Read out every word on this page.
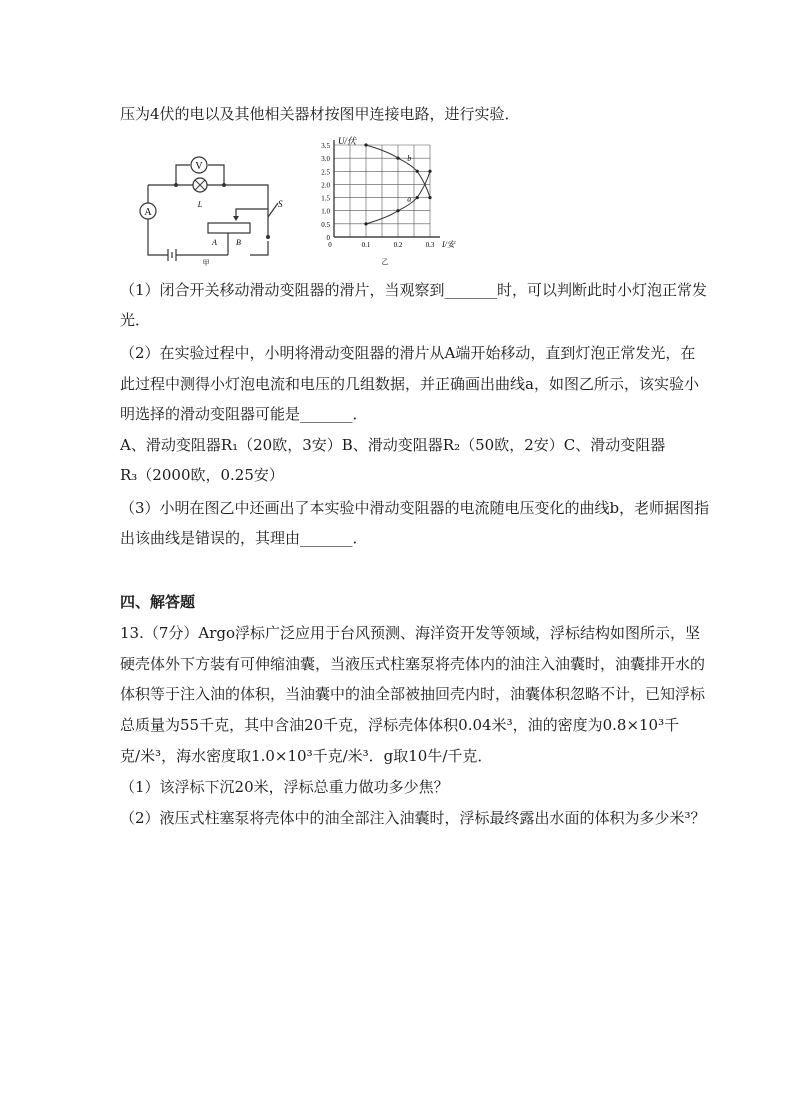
压为4伏的电以及其他相关器材按图甲连接电路，进行实验．
A
V
L	S
A B
甲
0
0.5
1.0
1.5
2.0
2.5
3.0
3.5
0	0.1	0.2	0.3
U/伏
I/安
a
b
乙
（1）闭合开关移动滑动变阻器的滑片，当观察到_______时，可以判断此时小灯泡正常发
光．
（2）在实验过程中，小明将滑动变阻器的滑片从A端开始移动，直到灯泡正常发光，在
此过程中测得小灯泡电流和电压的几组数据，并正确画出曲线a，如图乙所示，该实验小
明选择的滑动变阻器可能是_______．
A、滑动变阻器R₁（20欧，3安）B、滑动变阻器R₂（50欧，2安）C、滑动变阻器
R₃（2000欧，0.25安）
（3）小明在图乙中还画出了本实验中滑动变阻器的电流随电压变化的曲线b，老师据图指
出该曲线是错误的，其理由_______．
四、解答题
13.（7分）Argo浮标广泛应用于台风预测、海洋资开发等领域，浮标结构如图所示，坚
硬壳体外下方装有可伸缩油囊，当液压式柱塞泵将壳体内的油注入油囊时，油囊排开水的
体积等于注入油的体积，当油囊中的油全部被抽回壳内时，油囊体积忽略不计，已知浮标
总质量为55千克，其中含油20千克，浮标壳体体积0.04米³，油的密度为0.8×10³千
克/米³，海水密度取1.0×10³千克/米³．g取10牛/千克．
（1）该浮标下沉20米，浮标总重力做功多少焦？
（2）液压式柱塞泵将壳体中的油全部注入油囊时，浮标最终露出水面的体积为多少米³？
